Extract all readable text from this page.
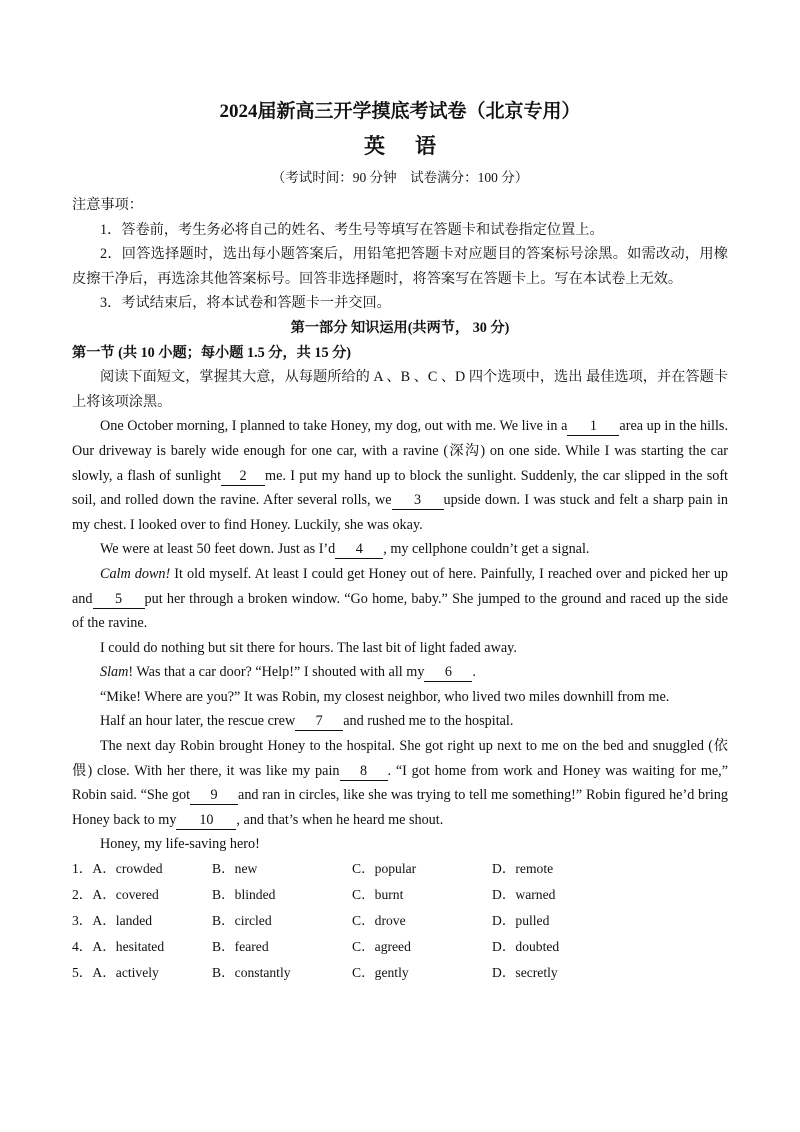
2024届新高三开学摸底考试卷（北京专用）
英语
（考试时间：90 分钟　试卷满分：100 分）

注意事项：

1．答卷前，考生务必将自己的姓名、考生号等填写在答题卡和试卷指定位置上。

2．回答选择题时，选出每小题答案后，用铅笔把答题卡对应题目的答案标号涂黑。如需改动，用橡皮擦干净后，再选涂其他答案标号。回答非选择题时，将答案写在答题卡上。写在本试卷上无效。

3．考试结束后，将本试卷和答题卡一并交回。

第一部分 知识运用(共两节， 30 分)

第一节 (共 10 小题；每小题 1.5 分，共 15 分)

阅读下面短文，掌握其大意，从每题所给的 A 、B 、C 、D 四个选项中，选出 最佳选项，并在答题卡上将该项涂黑。

One October morning, I planned to take Honey, my dog, out with me. We live in a 1 area up in the hills. Our driveway is barely wide enough for one car, with a ravine (深沟) on one side. While I was starting the car slowly, a flash of sunlight 2 me. I put my hand up to block the sunlight. Suddenly, the car slipped in the soft soil, and rolled down the ravine. After several rolls, we 3 upside down. I was stuck and felt a sharp pain in my chest. I looked over to find Honey. Luckily, she was okay.

We were at least 50 feet down. Just as I’d 4 , my cellphone couldn’t get a signal.

Calm down! It old myself. At least I could get Honey out of here. Painfully, I reached over and picked her up and 5 put her through a broken window. “Go home, baby.” She jumped to the ground and raced up the side of the ravine.

I could do nothing but sit there for hours. The last bit of light faded away.

Slam! Was that a car door? “Help!” I shouted with all my 6 .

“Mike! Where are you?” It was Robin, my closest neighbor, who lived two miles downhill from me.

Half an hour later, the rescue crew 7 and rushed me to the hospital.

The next day Robin brought Honey to the hospital. She got right up next to me on the bed and snuggled (依偎) close. With her there, it was like my pain 8 . “I got home from work and Honey was waiting for me,” Robin said. “She got 9 and ran in circles, like she was trying to tell me something!” Robin figured he’d bring Honey back to my 10 , and that’s when he heard me shout.

Honey, my life-saving hero!

1．A．crowded	B．new	C．popular	D．remote
2．A．covered	B．blinded	C．burnt	D．warned
3．A．landed	B．circled	C．drove	D．pulled
4．A．hesitated	B．feared	C．agreed	D．doubted
5．A．actively	B．constantly	C．gently	D．secretly
